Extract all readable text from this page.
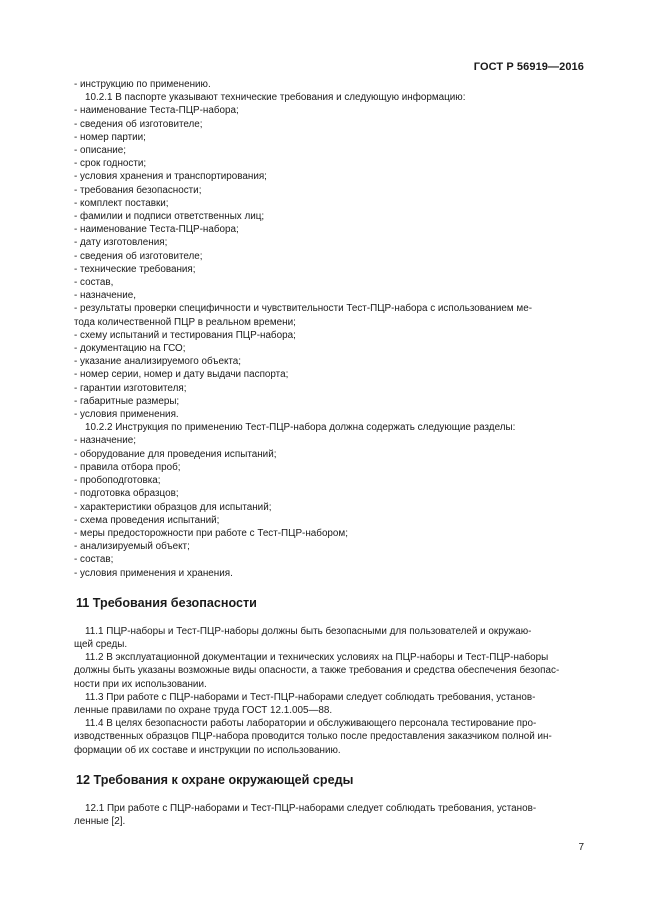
ГОСТ Р 56919—2016

- инструкцию по применению.

10.2.1 В паспорте указывают технические требования и следующую информацию:

- наименование Теста-ПЦР-набора;

- сведения об изготовителе;

- номер партии;

- описание;

- срок годности;

- условия хранения и транспортирования;

- требования безопасности;

- комплект поставки;

- фамилии и подписи ответственных лиц;

- наименование Теста-ПЦР-набора;

- дату изготовления;

- сведения об изготовителе;

- технические требования;

- состав,

- назначение,

- результаты проверки специфичности и чувствительности Тест-ПЦР-набора с использованием ме-

тода количественной ПЦР в реальном времени;

- схему испытаний и тестирования ПЦР-набора;

- документацию на ГСО;

- указание анализируемого объекта;

- номер серии, номер и дату выдачи паспорта;

- гарантии изготовителя;

- габаритные размеры;

- условия применения.

10.2.2 Инструкция по применению Тест-ПЦР-набора должна содержать следующие разделы:

- назначение;

- оборудование для проведения испытаний;

- правила отбора проб;

- пробоподготовка;

- подготовка образцов;

- характеристики образцов для испытаний;

- схема проведения испытаний;

- меры предосторожности при работе с Тест-ПЦР-набором;

- анализируемый объект;

- состав;

- условия применения и хранения.

11 Требования безопасности

11.1 ПЦР-наборы и Тест-ПЦР-наборы должны быть безопасными для пользователей и окружаю-

щей среды.

11.2 В эксплуатационной документации и технических условиях на ПЦР-наборы и Тест-ПЦР-наборы

должны быть указаны возможные виды опасности, а также требования и средства обеспечения безопас-

ности при их использовании.

11.3 При работе с ПЦР-наборами и Тест-ПЦР-наборами следует соблюдать требования, установ-

ленные правилами по охране труда ГОСТ 12.1.005—88.

11.4 В целях безопасности работы лаборатории и обслуживающего персонала тестирование про-

изводственных образцов ПЦР-набора проводится только после предоставления заказчиком полной ин-

формации об их составе и инструкции по использованию.

12 Требования к охране окружающей среды

12.1 При работе с ПЦР-наборами и Тест-ПЦР-наборами следует соблюдать требования, установ-

ленные [2].

7
